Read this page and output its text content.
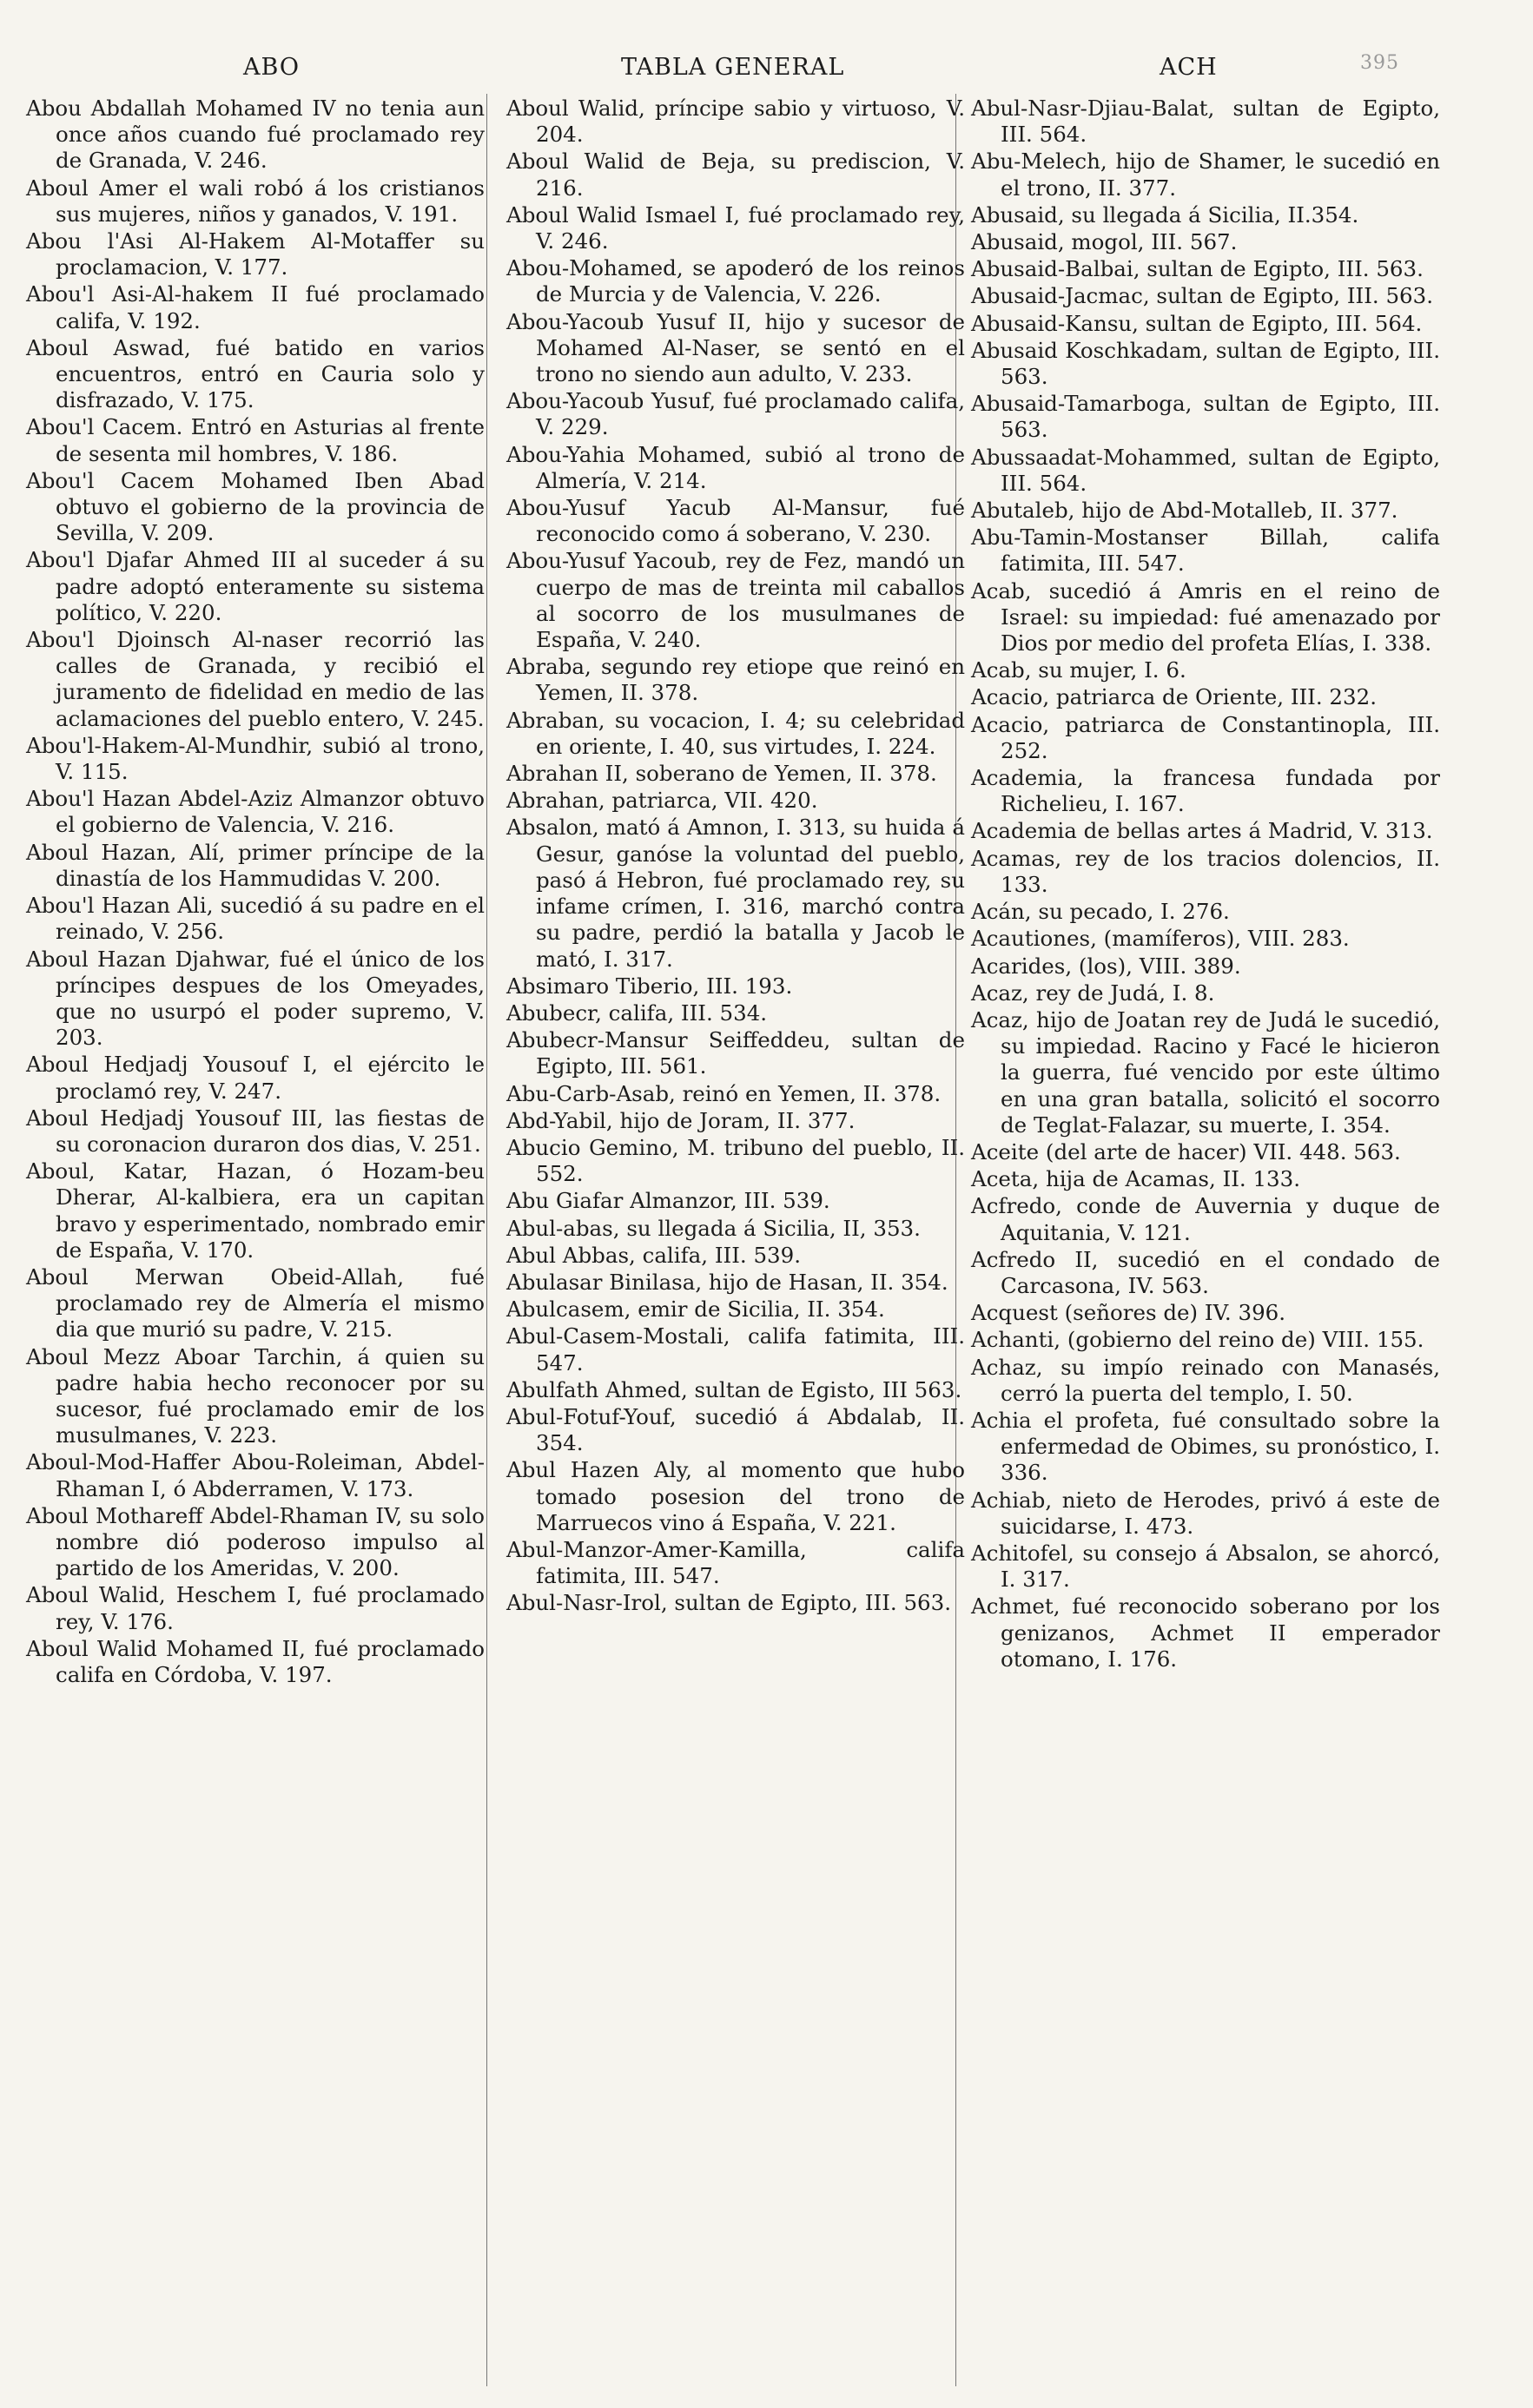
ABO	TABLA GENERAL	ACH	395

Abou Abdallah Mohamed IV no tenia aun once años cuando fué proclamado rey de Granada, V. 246.

Aboul Amer el wali robó á los cristianos sus mujeres, niños y ganados, V. 191.

Abou l'Asi Al-Hakem Al-Motaffer su proclamacion, V. 177.

Abou'l Asi-Al-hakem II fué proclamado califa, V. 192.

Aboul Aswad, fué batido en varios encuentros, entró en Cauria solo y disfrazado, V. 175.

Abou'l Cacem. Entró en Asturias al frente de sesenta mil hombres, V. 186.

Abou'l Cacem Mohamed Iben Abad obtuvo el gobierno de la provincia de Sevilla, V. 209.

Abou'l Djafar Ahmed III al suceder á su padre adoptó enteramente su sistema político, V. 220.

Abou'l Djoinsch Al-naser recorrió las calles de Granada, y recibió el juramento de fidelidad en medio de las aclamaciones del pueblo entero, V. 245.

Abou'l-Hakem-Al-Mundhir, subió al trono, V. 115.

Abou'l Hazan Abdel-Aziz Almanzor obtuvo el gobierno de Valencia, V. 216.

Aboul Hazan, Alí, primer príncipe de la dinastía de los Hammudidas V. 200.

Abou'l Hazan Ali, sucedió á su padre en el reinado, V. 256.

Aboul Hazan Djahwar, fué el único de los príncipes despues de los Omeyades, que no usurpó el poder supremo, V. 203.

Aboul Hedjadj Yousouf I, el ejército le proclamó rey, V. 247.

Aboul Hedjadj Yousouf III, las fiestas de su coronacion duraron dos dias, V. 251.

Aboul, Katar, Hazan, ó Hozam-beu Dherar, Al-kalbiera, era un capitan bravo y esperimentado, nombrado emir de España, V. 170.

Aboul Merwan Obeid-Allah, fué proclamado rey de Almería el mismo dia que murió su padre, V. 215.

Aboul Mezz Aboar Tarchin, á quien su padre habia hecho reconocer por su sucesor, fué proclamado emir de los musulmanes, V. 223.

Aboul-Mod-Haffer Abou-Roleiman, Abdel-Rhaman I, ó Abderramen, V. 173.

Aboul Mothareff Abdel-Rhaman IV, su solo nombre dió poderoso impulso al partido de los Ameridas, V. 200.

Aboul Walid, Heschem I, fué proclamado rey, V. 176.

Aboul Walid Mohamed II, fué proclamado califa en Córdoba, V. 197.

Aboul Walid, príncipe sabio y virtuoso, V. 204.

Aboul Walid de Beja, su prediscion, V. 216.

Aboul Walid Ismael I, fué proclamado rey, V. 246.

Abou-Mohamed, se apoderó de los reinos de Murcia y de Valencia, V. 226.

Abou-Yacoub Yusuf II, hijo y sucesor de Mohamed Al-Naser, se sentó en el trono no siendo aun adulto, V. 233.

Abou-Yacoub Yusuf, fué proclamado califa, V. 229.

Abou-Yahia Mohamed, subió al trono de Almería, V. 214.

Abou-Yusuf Yacub Al-Mansur, fué reconocido como á soberano, V. 230.

Abou-Yusuf Yacoub, rey de Fez, mandó un cuerpo de mas de treinta mil caballos al socorro de los musulmanes de España, V. 240.

Abraba, segundo rey etiope que reinó en Yemen, II. 378.

Abraban, su vocacion, I. 4; su celebridad en oriente, I. 40, sus virtudes, I. 224.

Abrahan II, soberano de Yemen, II. 378.

Abrahan, patriarca, VII. 420.

Absalon, mató á Amnon, I. 313, su huida á Gesur, ganóse la voluntad del pueblo, pasó á Hebron, fué proclamado rey, su infame crímen, I. 316, marchó contra su padre, perdió la batalla y Jacob le mató, I. 317.

Absimaro Tiberio, III. 193.

Abubecr, califa, III. 534.

Abubecr-Mansur Seiffeddeu, sultan de Egipto, III. 561.

Abu-Carb-Asab, reinó en Yemen, II. 378.

Abd-Yabil, hijo de Joram, II. 377.

Abucio Gemino, M. tribuno del pueblo, II. 552.

Abu Giafar Almanzor, III. 539.

Abul-abas, su llegada á Sicilia, II, 353.

Abul Abbas, califa, III. 539.

Abulasar Binilasa, hijo de Hasan, II. 354.

Abulcasem, emir de Sicilia, II. 354.

Abul-Casem-Mostali, califa fatimita, III. 547.

Abulfath Ahmed, sultan de Egisto, III 563.

Abul-Fotuf-Youf, sucedió á Abdalab, II. 354.

Abul Hazen Aly, al momento que hubo tomado posesion del trono de Marruecos vino á España, V. 221.

Abul-Manzor-Amer-Kamilla, califa fatimita, III. 547.

Abul-Nasr-Irol, sultan de Egipto, III. 563.

Abul-Nasr-Djiau-Balat, sultan de Egipto, III. 564.

Abu-Melech, hijo de Shamer, le sucedió en el trono, II. 377.

Abusaid, su llegada á Sicilia, II.354.

Abusaid, mogol, III. 567.

Abusaid-Balbai, sultan de Egipto, III. 563.

Abusaid-Jacmac, sultan de Egipto, III. 563.

Abusaid-Kansu, sultan de Egipto, III. 564.

Abusaid Koschkadam, sultan de Egipto, III. 563.

Abusaid-Tamarboga, sultan de Egipto, III. 563.

Abussaadat-Mohammed, sultan de Egipto, III. 564.

Abutaleb, hijo de Abd-Motalleb, II. 377.

Abu-Tamin-Mostanser Billah, califa fatimita, III. 547.

Acab, sucedió á Amris en el reino de Israel: su impiedad: fué amenazado por Dios por medio del profeta Elías, I. 338.

Acab, su mujer, I. 6.

Acacio, patriarca de Oriente, III. 232.

Acacio, patriarca de Constantinopla, III. 252.

Academia, la francesa fundada por Richelieu, I. 167.

Academia de bellas artes á Madrid, V. 313.

Acamas, rey de los tracios dolencios, II. 133.

Acán, su pecado, I. 276.

Acautiones, (mamíferos), VIII. 283.

Acarides, (los), VIII. 389.

Acaz, rey de Judá, I. 8.

Acaz, hijo de Joatan rey de Judá le sucedió, su impiedad. Racino y Facé le hicieron la guerra, fué vencido por este último en una gran batalla, solicitó el socorro de Teglat-Falazar, su muerte, I. 354.

Aceite (del arte de hacer) VII. 448. 563.

Aceta, hija de Acamas, II. 133.

Acfredo, conde de Auvernia y duque de Aquitania, V. 121.

Acfredo II, sucedió en el condado de Carcasona, IV. 563.

Acquest (señores de) IV. 396.

Achanti, (gobierno del reino de) VIII. 155.

Achaz, su impío reinado con Manasés, cerró la puerta del templo, I. 50.

Achia el profeta, fué consultado sobre la enfermedad de Obimes, su pronóstico, I. 336.

Achiab, nieto de Herodes, privó á este de suicidarse, I. 473.

Achitofel, su consejo á Absalon, se ahorcó, I. 317.

Achmet, fué reconocido soberano por los genizanos, Achmet II emperador otomano, I. 176.
